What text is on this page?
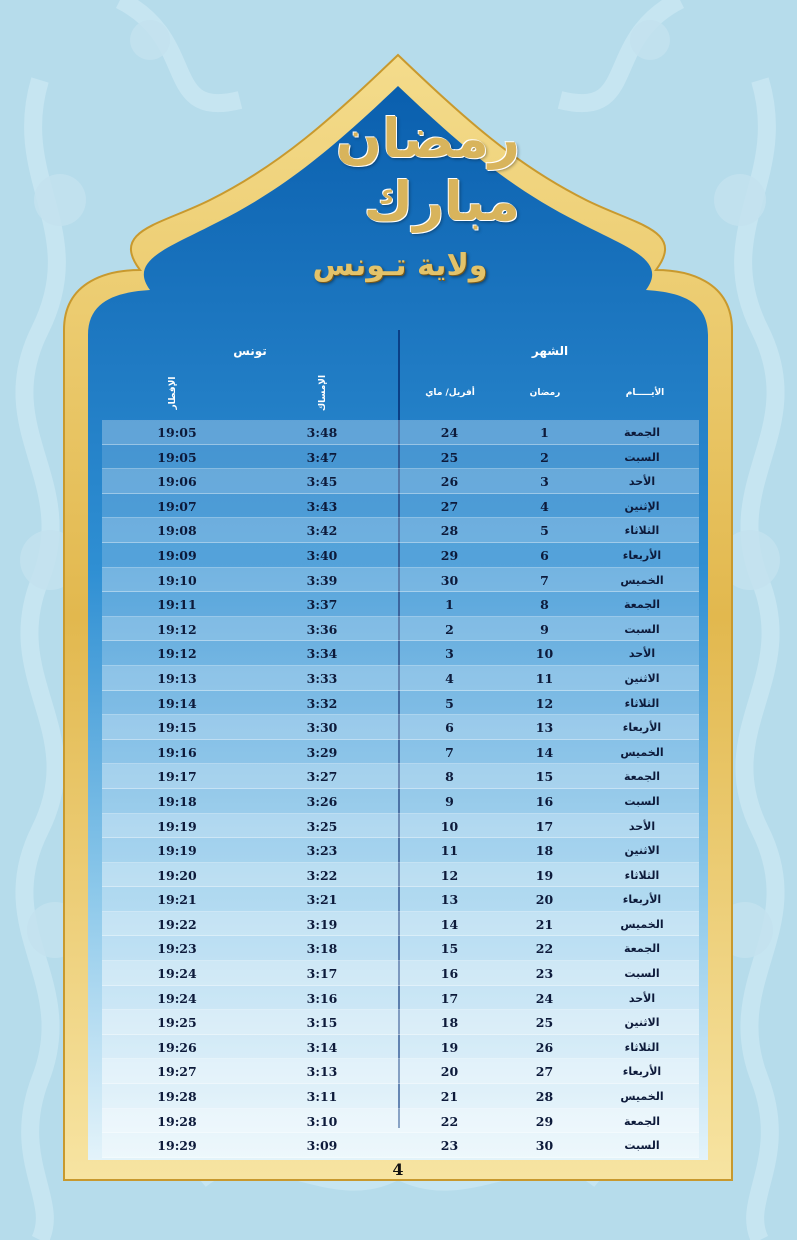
رمضان مبارك
ولاية تـونس
تونس	الشهر
الإفطار	الإمساك	أفريل/ ماي	رمضان	الأيـــــام
19:05	3:48	24	1	الجمعة
19:05	3:47	25	2	السبت
19:06	3:45	26	3	الأحد
19:07	3:43	27	4	الإثنين
19:08	3:42	28	5	الثلاثاء
19:09	3:40	29	6	الأربعاء
19:10	3:39	30	7	الخميس
19:11	3:37	1	8	الجمعة
19:12	3:36	2	9	السبت
19:12	3:34	3	10	الأحد
19:13	3:33	4	11	الاثنين
19:14	3:32	5	12	الثلاثاء
19:15	3:30	6	13	الأربعاء
19:16	3:29	7	14	الخميس
19:17	3:27	8	15	الجمعة
19:18	3:26	9	16	السبت
19:19	3:25	10	17	الأحد
19:19	3:23	11	18	الاثنين
19:20	3:22	12	19	الثلاثاء
19:21	3:21	13	20	الأربعاء
19:22	3:19	14	21	الخميس
19:23	3:18	15	22	الجمعة
19:24	3:17	16	23	السبت
19:24	3:16	17	24	الأحد
19:25	3:15	18	25	الاثنين
19:26	3:14	19	26	الثلاثاء
19:27	3:13	20	27	الأربعاء
19:28	3:11	21	28	الخميس
19:28	3:10	22	29	الجمعة
19:29	3:09	23	30	السبت
4
